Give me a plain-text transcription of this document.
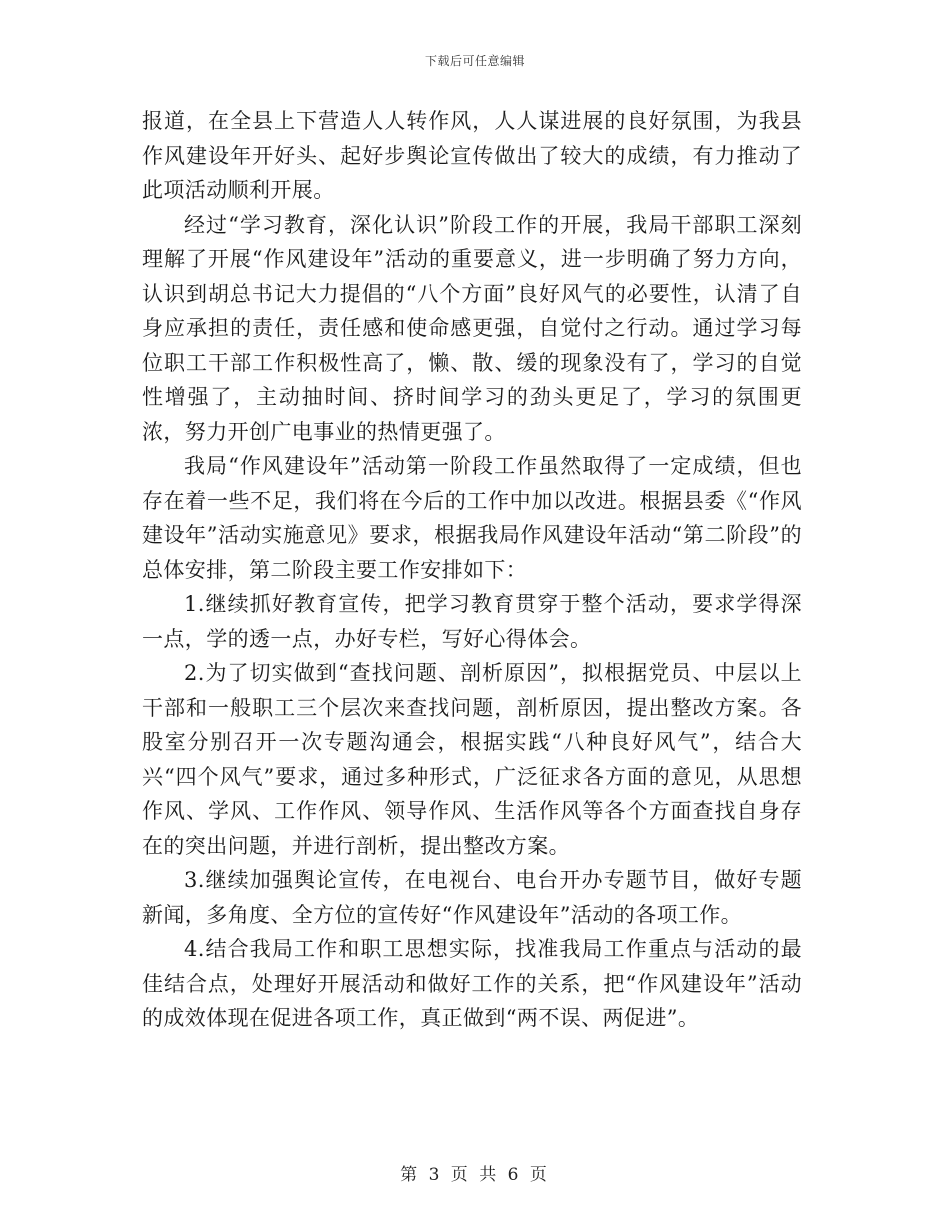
下载后可任意编辑

报道，在全县上下营造人人转作风，人人谋进展的良好氛围，为我县作风建设年开好头、起好步舆论宣传做出了较大的成绩，有力推动了此项活动顺利开展。

经过“学习教育，深化认识”阶段工作的开展，我局干部职工深刻理解了开展“作风建设年”活动的重要意义，进一步明确了努力方向，认识到胡总书记大力提倡的“八个方面”良好风气的必要性，认清了自身应承担的责任，责任感和使命感更强，自觉付之行动。通过学习每位职工干部工作积极性高了，懒、散、缓的现象没有了，学习的自觉性增强了，主动抽时间、挤时间学习的劲头更足了，学习的氛围更浓，努力开创广电事业的热情更强了。

我局“作风建设年”活动第一阶段工作虽然取得了一定成绩，但也存在着一些不足，我们将在今后的工作中加以改进。根据县委《“作风建设年”活动实施意见》要求，根据我局作风建设年活动“第二阶段”的总体安排，第二阶段主要工作安排如下：

1.继续抓好教育宣传，把学习教育贯穿于整个活动，要求学得深一点，学的透一点，办好专栏，写好心得体会。

2.为了切实做到“查找问题、剖析原因”，拟根据党员、中层以上干部和一般职工三个层次来查找问题，剖析原因，提出整改方案。各股室分别召开一次专题沟通会，根据实践“八种良好风气”，结合大兴“四个风气”要求，通过多种形式，广泛征求各方面的意见，从思想作风、学风、工作作风、领导作风、生活作风等各个方面查找自身存在的突出问题，并进行剖析，提出整改方案。

3.继续加强舆论宣传，在电视台、电台开办专题节目，做好专题新闻，多角度、全方位的宣传好“作风建设年”活动的各项工作。

4.结合我局工作和职工思想实际，找准我局工作重点与活动的最佳结合点，处理好开展活动和做好工作的关系，把“作风建设年”活动的成效体现在促进各项工作，真正做到“两不误、两促进”。

第 3 页 共 6 页
